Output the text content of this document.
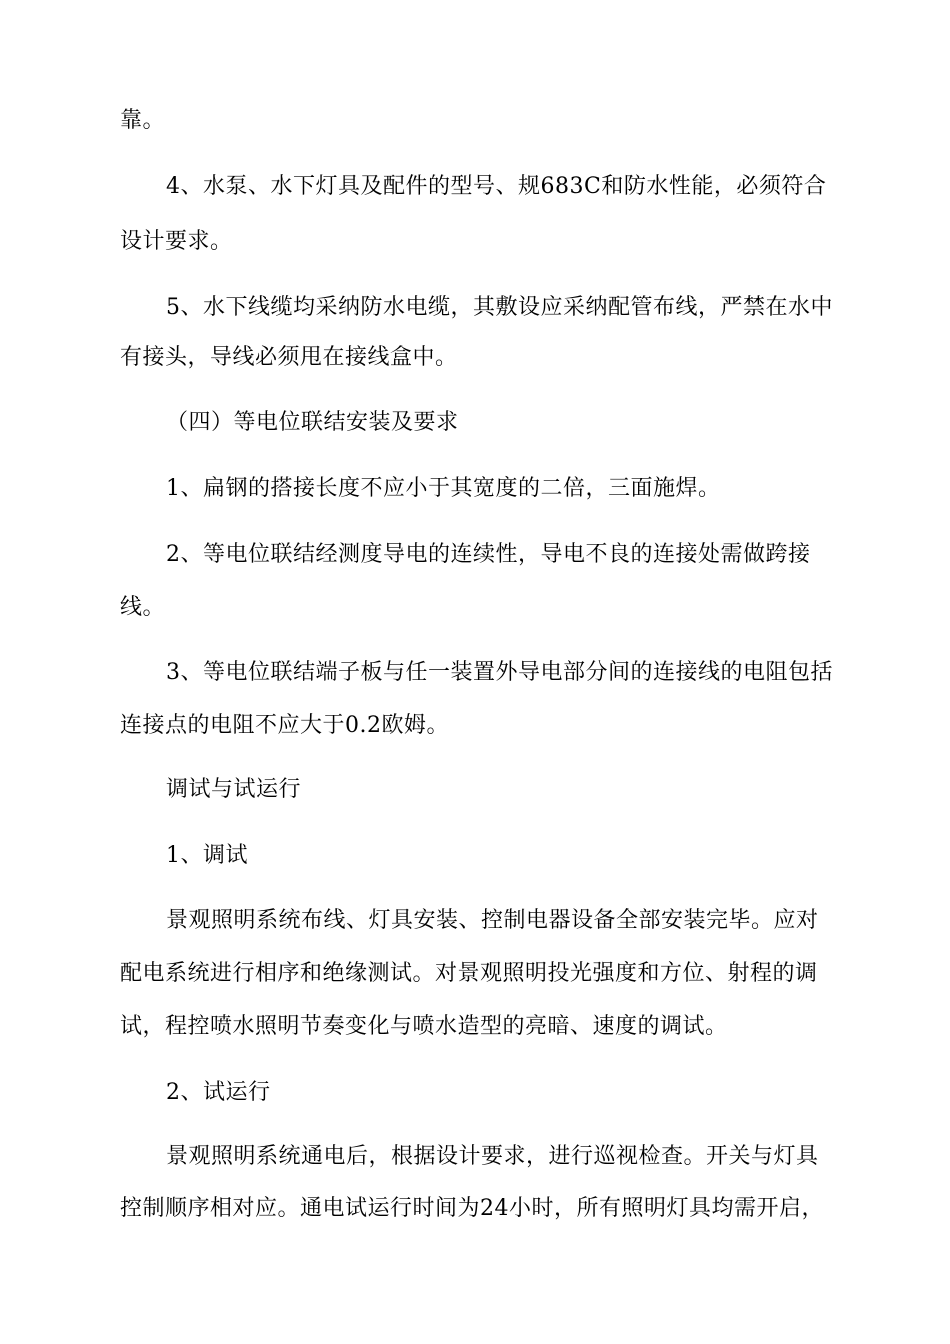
靠。
4、水泵、水下灯具及配件的型号、规683C和防水性能，必须符合
设计要求。
5、水下线缆均采纳防水电缆，其敷设应采纳配管布线，严禁在水中
有接头，导线必须甩在接线盒中。
（四）等电位联结安装及要求
1、扁钢的搭接长度不应小于其宽度的二倍，三面施焊。
2、等电位联结经测度导电的连续性，导电不良的连接处需做跨接
线。
3、等电位联结端子板与任一装置外导电部分间的连接线的电阻包括
连接点的电阻不应大于0.2欧姆。
调试与试运行
1、调试
景观照明系统布线、灯具安装、控制电器设备全部安装完毕。应对
配电系统进行相序和绝缘测试。对景观照明投光强度和方位、射程的调
试，程控喷水照明节奏变化与喷水造型的亮暗、速度的调试。
2、试运行
景观照明系统通电后，根据设计要求，进行巡视检查。开关与灯具
控制顺序相对应。通电试运行时间为24小时，所有照明灯具均需开启，
